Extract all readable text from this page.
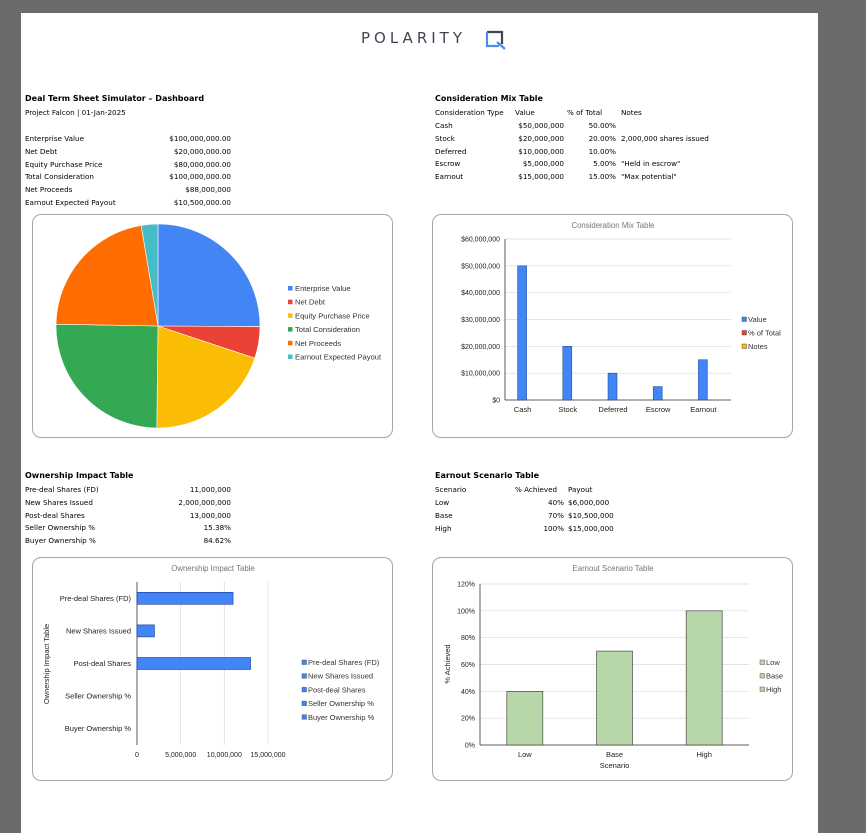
POLARITY
Deal Term Sheet Simulator – Dashboard
Project Falcon | 01-Jan-2025
Enterprise Value	$100,000,000.00
Net Debt	$20,000,000.00
Equity Purchase Price	$80,000,000.00
Total Consideration	$100,000,000.00
Net Proceeds	$88,000,000
Earnout Expected Payout	$10,500,000.00
Consideration Mix Table
Consideration Type Value	% of Total	Notes
Cash	$50,000,000	50.00%
Stock	$20,000,000	20.00% 2,000,000 shares issued
Deferred	$10,000,000	10.00%
Escrow	$5,000,000	5.00% "Held in escrow"
Earnout	$15,000,000	15.00% "Max potential"
Ownership Impact Table
Pre-deal Shares (FD)	11,000,000
New Shares Issued	2,000,000,000
Post-deal Shares	13,000,000
Seller Ownership %	15.38%
Buyer Ownership %	84.62%
Earnout Scenario Table
Scenario	% Achieved Payout
Low	40% $6,000,000
Base	70% $10,500,000
High	100% $15,000,000
Enterprise Value
Net Debt
Equity Purchase Price
Total Consideration
Net Proceeds
Earnout Expected Payout
Consideration Mix Table
$0
$10,000,000
$20,000,000
$30,000,000
$40,000,000
$50,000,000
$60,000,000
Cash	Stock	Deferred Escrow	Earnout
Value
% of Total
Notes
Ownership Impact Table
Ownership Impact Table
0	5,000,000 10,000,000 15,000,000
Pre-deal Shares (FD)
New Shares Issued
Post-deal Shares
Seller Ownership %
Buyer Ownership %
Pre-deal Shares (FD)
New Shares Issued
Post-deal Shares
Seller Ownership %
Buyer Ownership %
Earnout Scenario Table
% Achieved
0%
20%
40%
60%
80%
100%
120%
Low	Base	High
Scenario
Low
Base
High
